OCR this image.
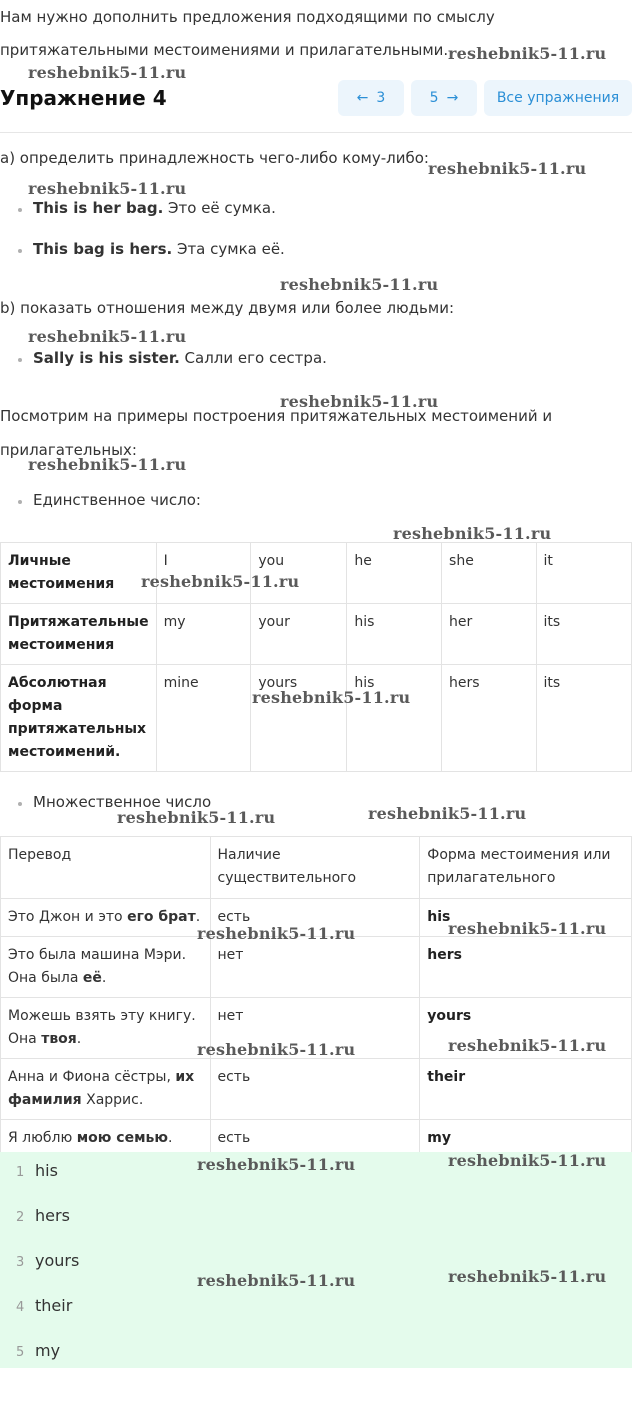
Нам нужно дополнить предложения подходящими по смыслу
притяжательными местоимениями и прилагательными.
Упражнение 4	← 3	5 →	Все упражнения
a) определить принадлежность чего-либо кому-либо:
This is her bag. Это её сумка.
This bag is hers. Эта сумка её.
b) показать отношения между двумя или более людьми:
Sally is his sister. Салли его сестра.
Посмотрим на примеры построения притяжательных местоимений и
прилагательных:
Единственное число:
Личные местоимения	I	you	he	she	it
Притяжательные местоимения	my	your	his	her	its
Абсолютная форма притяжательных местоимений.	mine	yours	his	hers	its
Множественное число
Перевод	Наличие существительного	Форма местоимения или прилагательного
Это Джон и это его брат.	есть	his
Это была машина Мэри. Она была её.	нет	hers
Можешь взять эту книгу. Она твоя.	нет	yours
Анна и Фиона сёстры, их фамилия Харрис.	есть	their
Я люблю мою семью.	есть	my
1 his
2 hers
3 yours
4 their
5 my
reshebnik5-11.ru
reshebnik5-11.ru
reshebnik5-11.ru
reshebnik5-11.ru
reshebnik5-11.ru
reshebnik5-11.ru
reshebnik5-11.ru
reshebnik5-11.ru
reshebnik5-11.ru
reshebnik5-11.ru
reshebnik5-11.ru
reshebnik5-11.ru	reshebnik5-11.ru
reshebnik5-11.ru	reshebnik5-11.ru
reshebnik5-11.ru	reshebnik5-11.ru
reshebnik5-11.ru	reshebnik5-11.ru
reshebnik5-11.ru	reshebnik5-11.ru
